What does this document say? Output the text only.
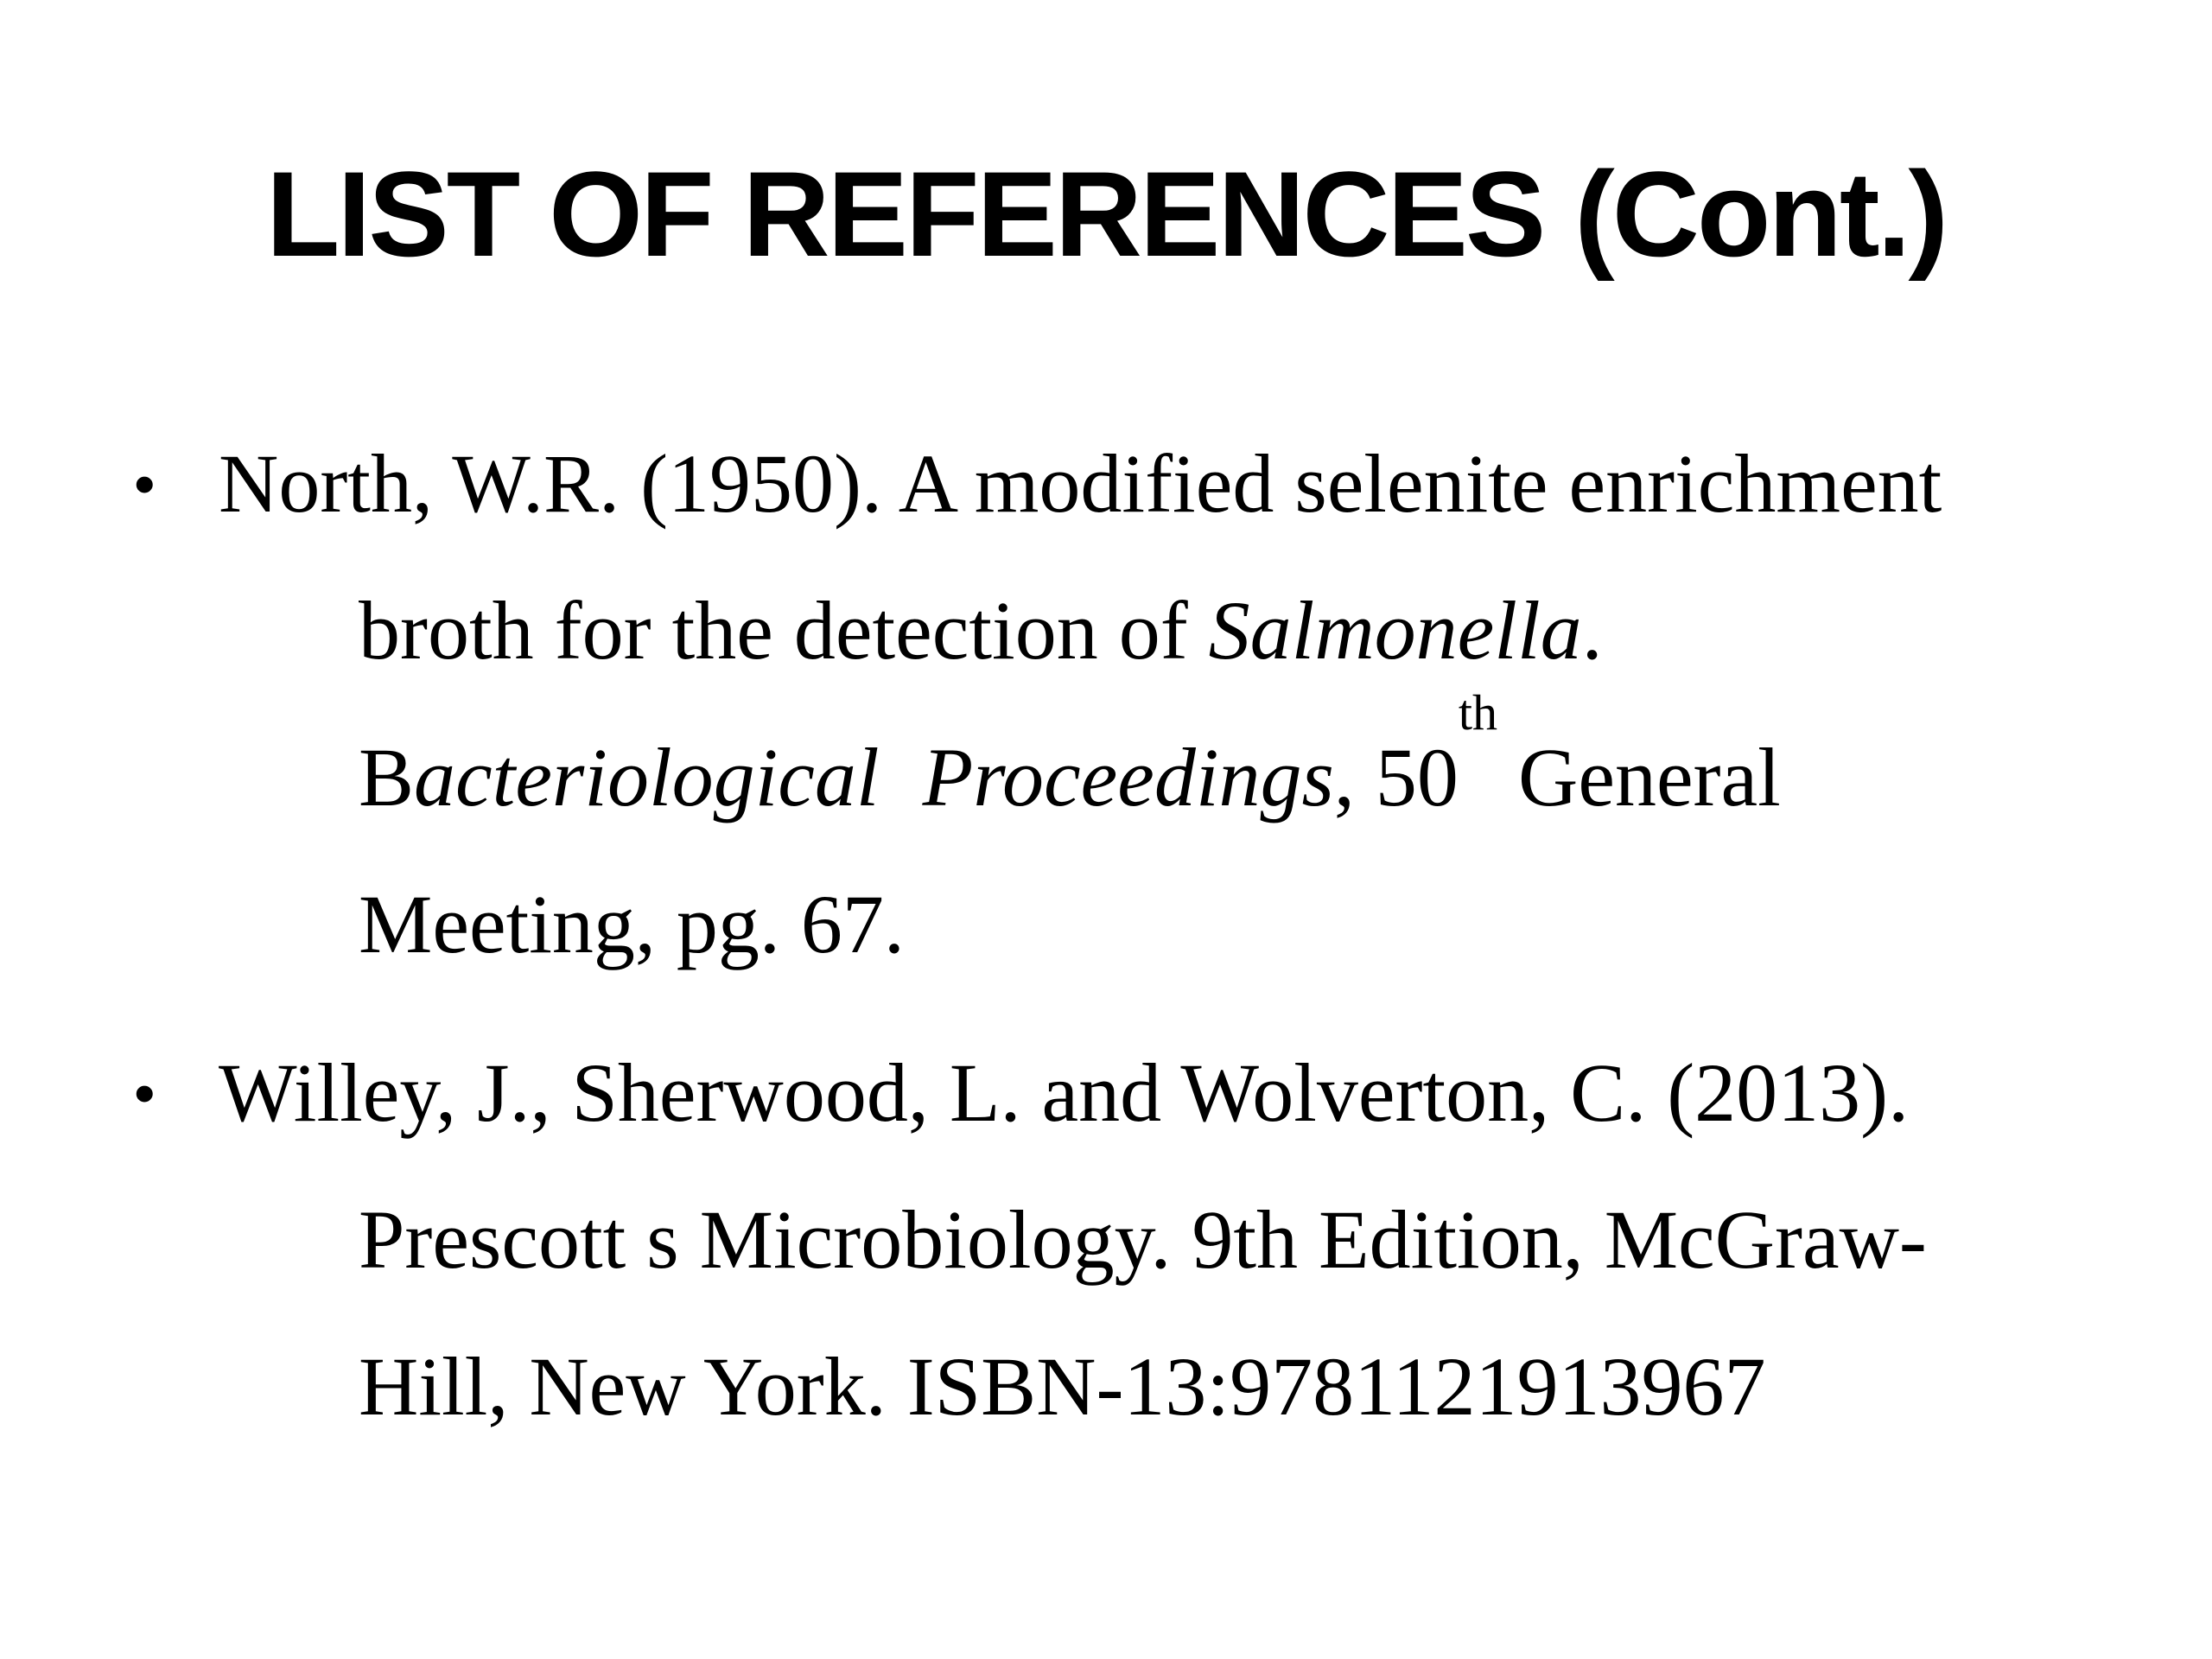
LIST OF REFERENCES (Cont.)
• North, W.R. (1950). A modified selenite enrichment
broth for the detection of Salmonella.
Bacteriological Proceedings, 50th General
Meeting, pg. 67.
• Willey, J., Sherwood, L. and Wolverton, C. (2013).
Prescott s Microbiology. 9th Edition, McGraw-
Hill, New York. ISBN-13:9781121913967
